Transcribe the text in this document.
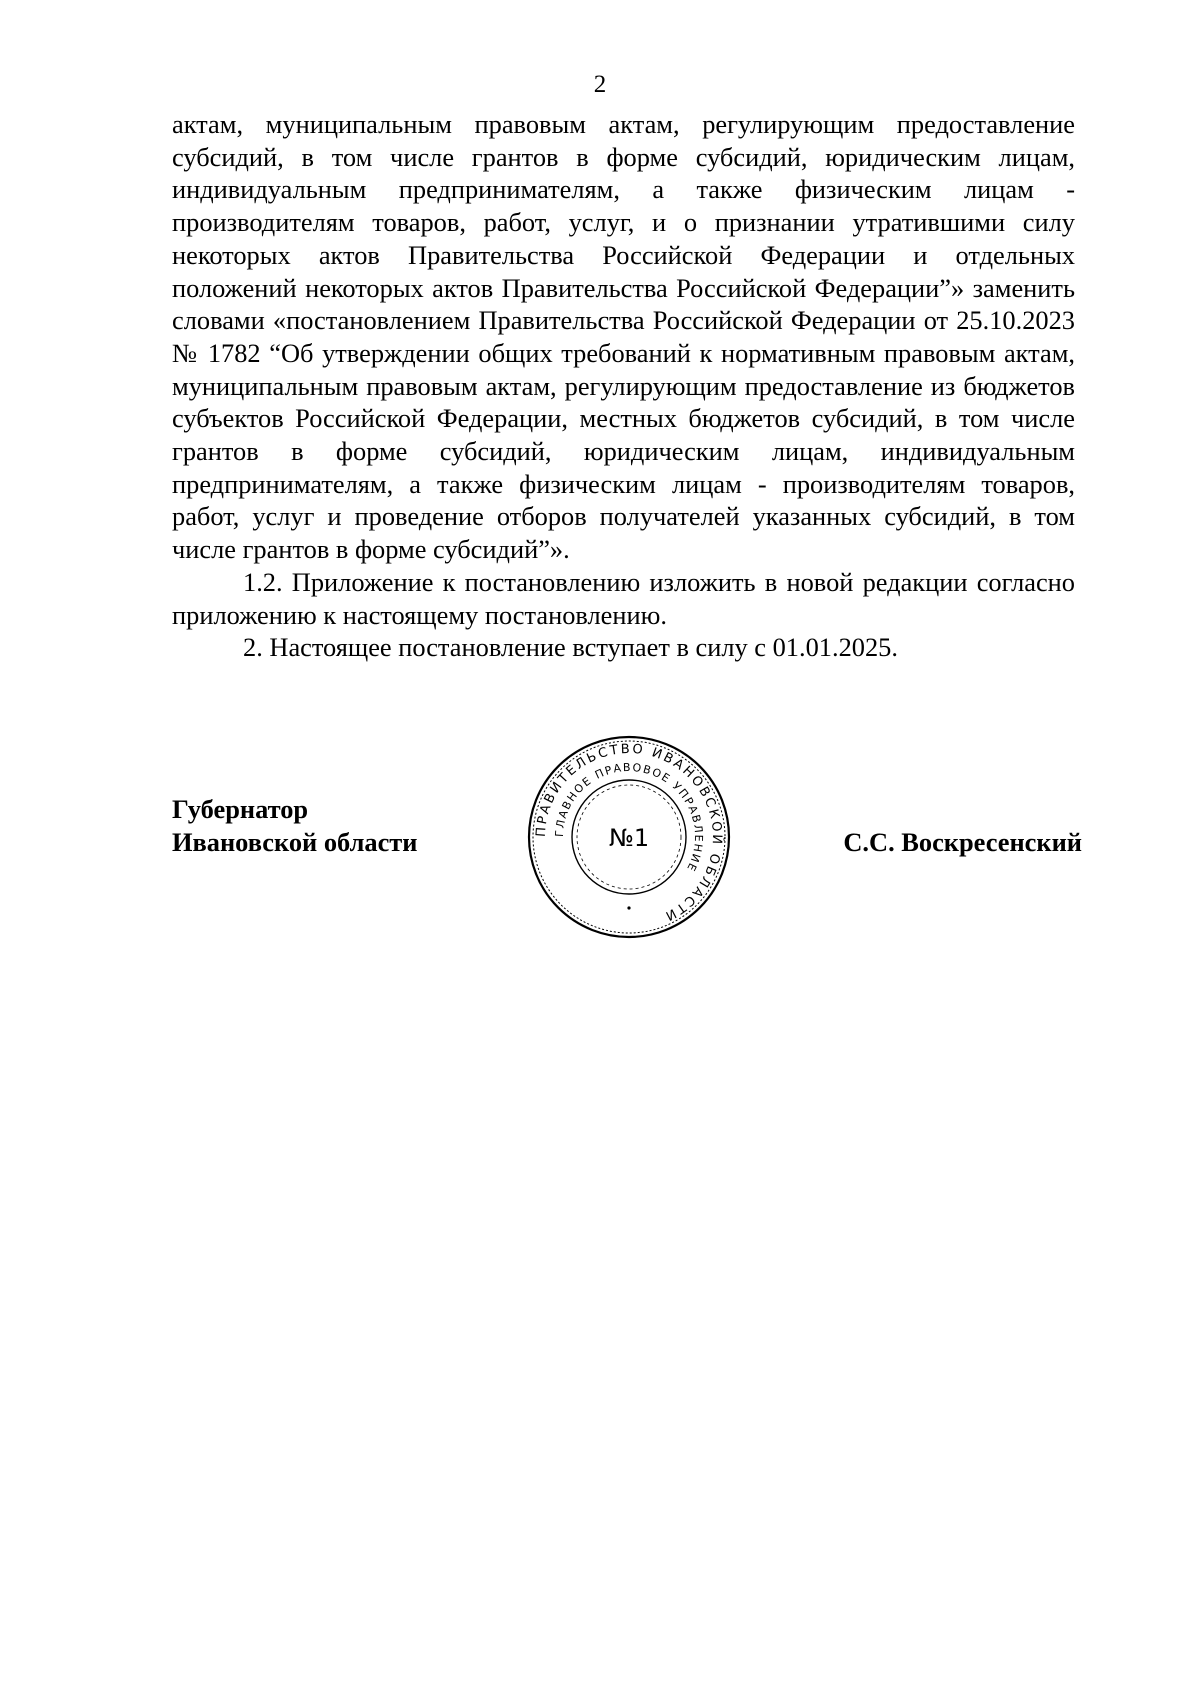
2

актам, муниципальным правовым актам, регулирующим предоставление субсидий, в том числе грантов в форме субсидий, юридическим лицам, индивидуальным предпринимателям, а также физическим лицам - производителям товаров, работ, услуг, и о признании утратившими силу некоторых актов Правительства Российской Федерации и отдельных положений некоторых актов Правительства Российской Федерации”» заменить словами «постановлением Правительства Российской Федерации от 25.10.2023 № 1782 “Об утверждении общих требований к нормативным правовым актам, муниципальным правовым актам, регулирующим предоставление из бюджетов субъектов Российской Федерации, местных бюджетов субсидий, в том числе грантов в форме субсидий, юридическим лицам, индивидуальным предпринимателям, а также физическим лицам - производителям товаров, работ, услуг и проведение отборов получателей указанных субсидий, в том числе грантов в форме субсидий”».

1.2. Приложение к постановлению изложить в новой редакции согласно приложению к настоящему постановлению.

2. Настоящее постановление вступает в силу с 01.01.2025.

Губернатор
Ивановской области	С.С. Воскресенский
ПРАВИТЕЛЬСТВО ИВАНОВСКОЙ ОБЛАСТИ
ГЛАВНОЕ ПРАВОВОЕ УПРАВЛЕНИЕ
№1
